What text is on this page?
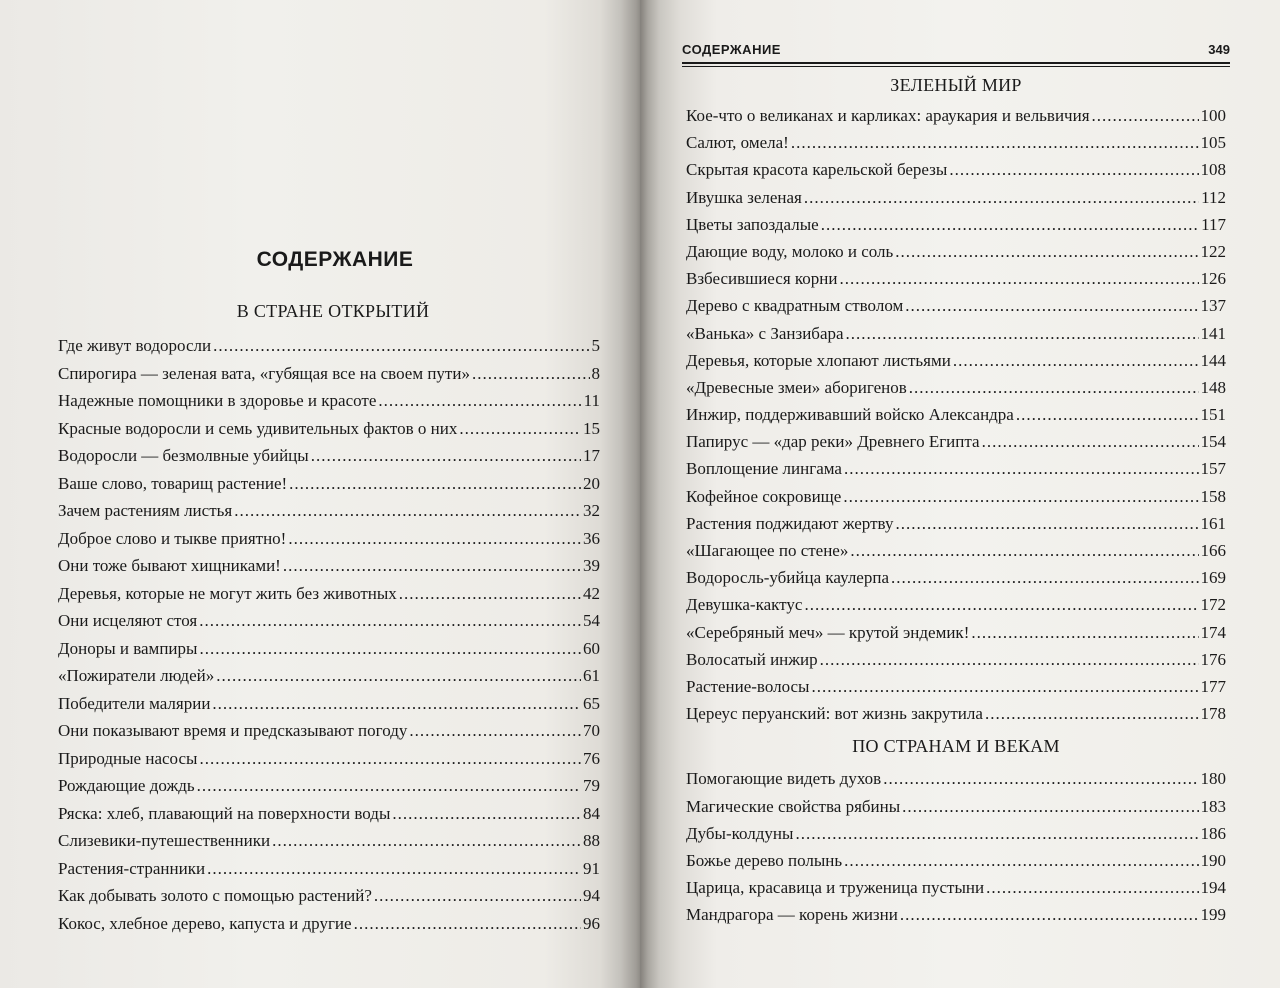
СОДЕРЖАНИЕ
В СТРАНЕ ОТКРЫТИЙ
Где живут водоросли .....	5
Спирогира — зеленая вата, «губящая все на своем пути» .....	8
Надежные помощники в здоровье и красоте .....	11
Красные водоросли и семь удивительных фактов о них .....	15
Водоросли — безмолвные убийцы .....	17
Ваше слово, товарищ растение! .....	20
Зачем растениям листья .....	32
Доброе слово и тыкве приятно! .....	36
Они тоже бывают хищниками! .....	39
Деревья, которые не могут жить без животных .....	42
Они исцеляют стоя .....	54
Доноры и вампиры .....	60
«Пожиратели людей» .....	61
Победители малярии .....	65
Они показывают время и предсказывают погоду .....	70
Природные насосы .....	76
Рождающие дождь .....	79
Ряска: хлеб, плавающий на поверхности воды .....	84
Слизевики-путешественники .....	88
Растения-странники .....	91
Как добывать золото с помощью растений? .....	94
Кокос, хлебное дерево, капуста и другие .....	96
СОДЕРЖАНИЕ	349
ЗЕЛЕНЫЙ МИР
Кое-что о великанах и карликах: араукария и вельвичия .....	100
Салют, омела! .....	105
Скрытая красота карельской березы .....	108
Ивушка зеленая .....	112
Цветы запоздалые .....	117
Дающие воду, молоко и соль .....	122
Взбесившиеся корни .....	126
Дерево с квадратным стволом .....	137
«Ванька» с Занзибара .....	141
Деревья, которые хлопают листьями .....	144
«Древесные змеи» аборигенов .....	148
Инжир, поддерживавший войско Александра .....	151
Папирус — «дар реки» Древнего Египта .....	154
Воплощение лингама .....	157
Кофейное сокровище .....	158
Растения поджидают жертву .....	161
«Шагающее по стене» .....	166
Водоросль-убийца каулерпа .....	169
Девушка-кактус .....	172
«Серебряный меч» — крутой эндемик! .....	174
Волосатый инжир .....	176
Растение-волосы .....	177
Цереус перуанский: вот жизнь закрутила .....	178
ПО СТРАНАМ И ВЕКАМ
Помогающие видеть духов .....	180
Магические свойства рябины .....	183
Дубы-колдуны .....	186
Божье дерево полынь .....	190
Царица, красавица и труженица пустыни .....	194
Мандрагора — корень жизни .....	199
